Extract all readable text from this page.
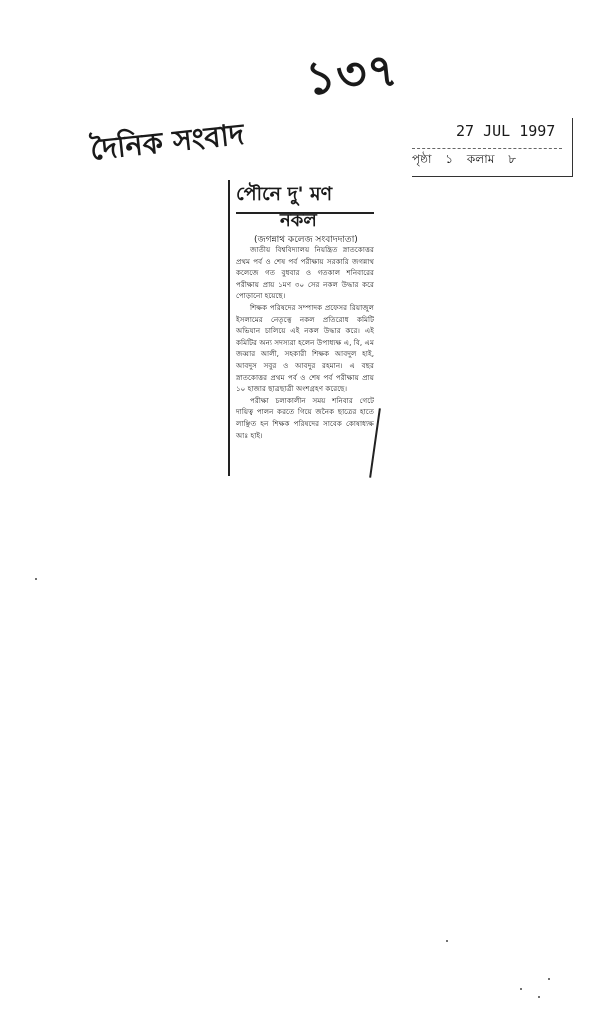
১৩৭
দৈনিক সংবাদ	27 JUL 1997
পৃষ্ঠা ১ কলাম ৮
পৌনে দু' মণ
নকল
(জগন্নাথ কলেজ সংবাদদাতা)

জাতীয় বিশ্ববিদ্যালয় নিয়ন্ত্রিত স্নাতকোত্তর প্রথম পর্ব ও শেষ পর্ব পরীক্ষায় সরকারি জগন্নাথ কলেজে গত বুধবার ও গতকাল শনিবারের পরীক্ষায় প্রায় ১মণ ৩০ সের নকল উদ্ধার করে পোড়ানো হয়েছে।

শিক্ষক পরিষদের সম্পাদক প্রফেসর রিয়াজুল ইসলামের নেতৃত্বে নকল প্রতিরোধ কমিটি অভিযান চালিয়ে এই নকল উদ্ধার করে। এই কমিটির অন্য সদস্যরা হলেন উপাধ্যক্ষ এ, বি, এম জব্বার আলী, সহকারী শিক্ষক আবদুল হাই, আবদুস সবুর ও আবদুর রহমান। এ বছর স্নাতকোত্তর প্রথম পর্ব ও শেষ পর্ব পরীক্ষায় প্রায় ১০ হাজার ছাত্রছাত্রী অংশগ্রহণ করেছে।

পরীক্ষা চলাকালীন সময় শনিবার গেটে দায়িত্ব পালন করতে গিয়ে জনৈক ছাত্রের হাতে লাঞ্ছিত হন শিক্ষক পরিষদের সাবেক কোষাধ্যক্ষ আঃ হাই।
